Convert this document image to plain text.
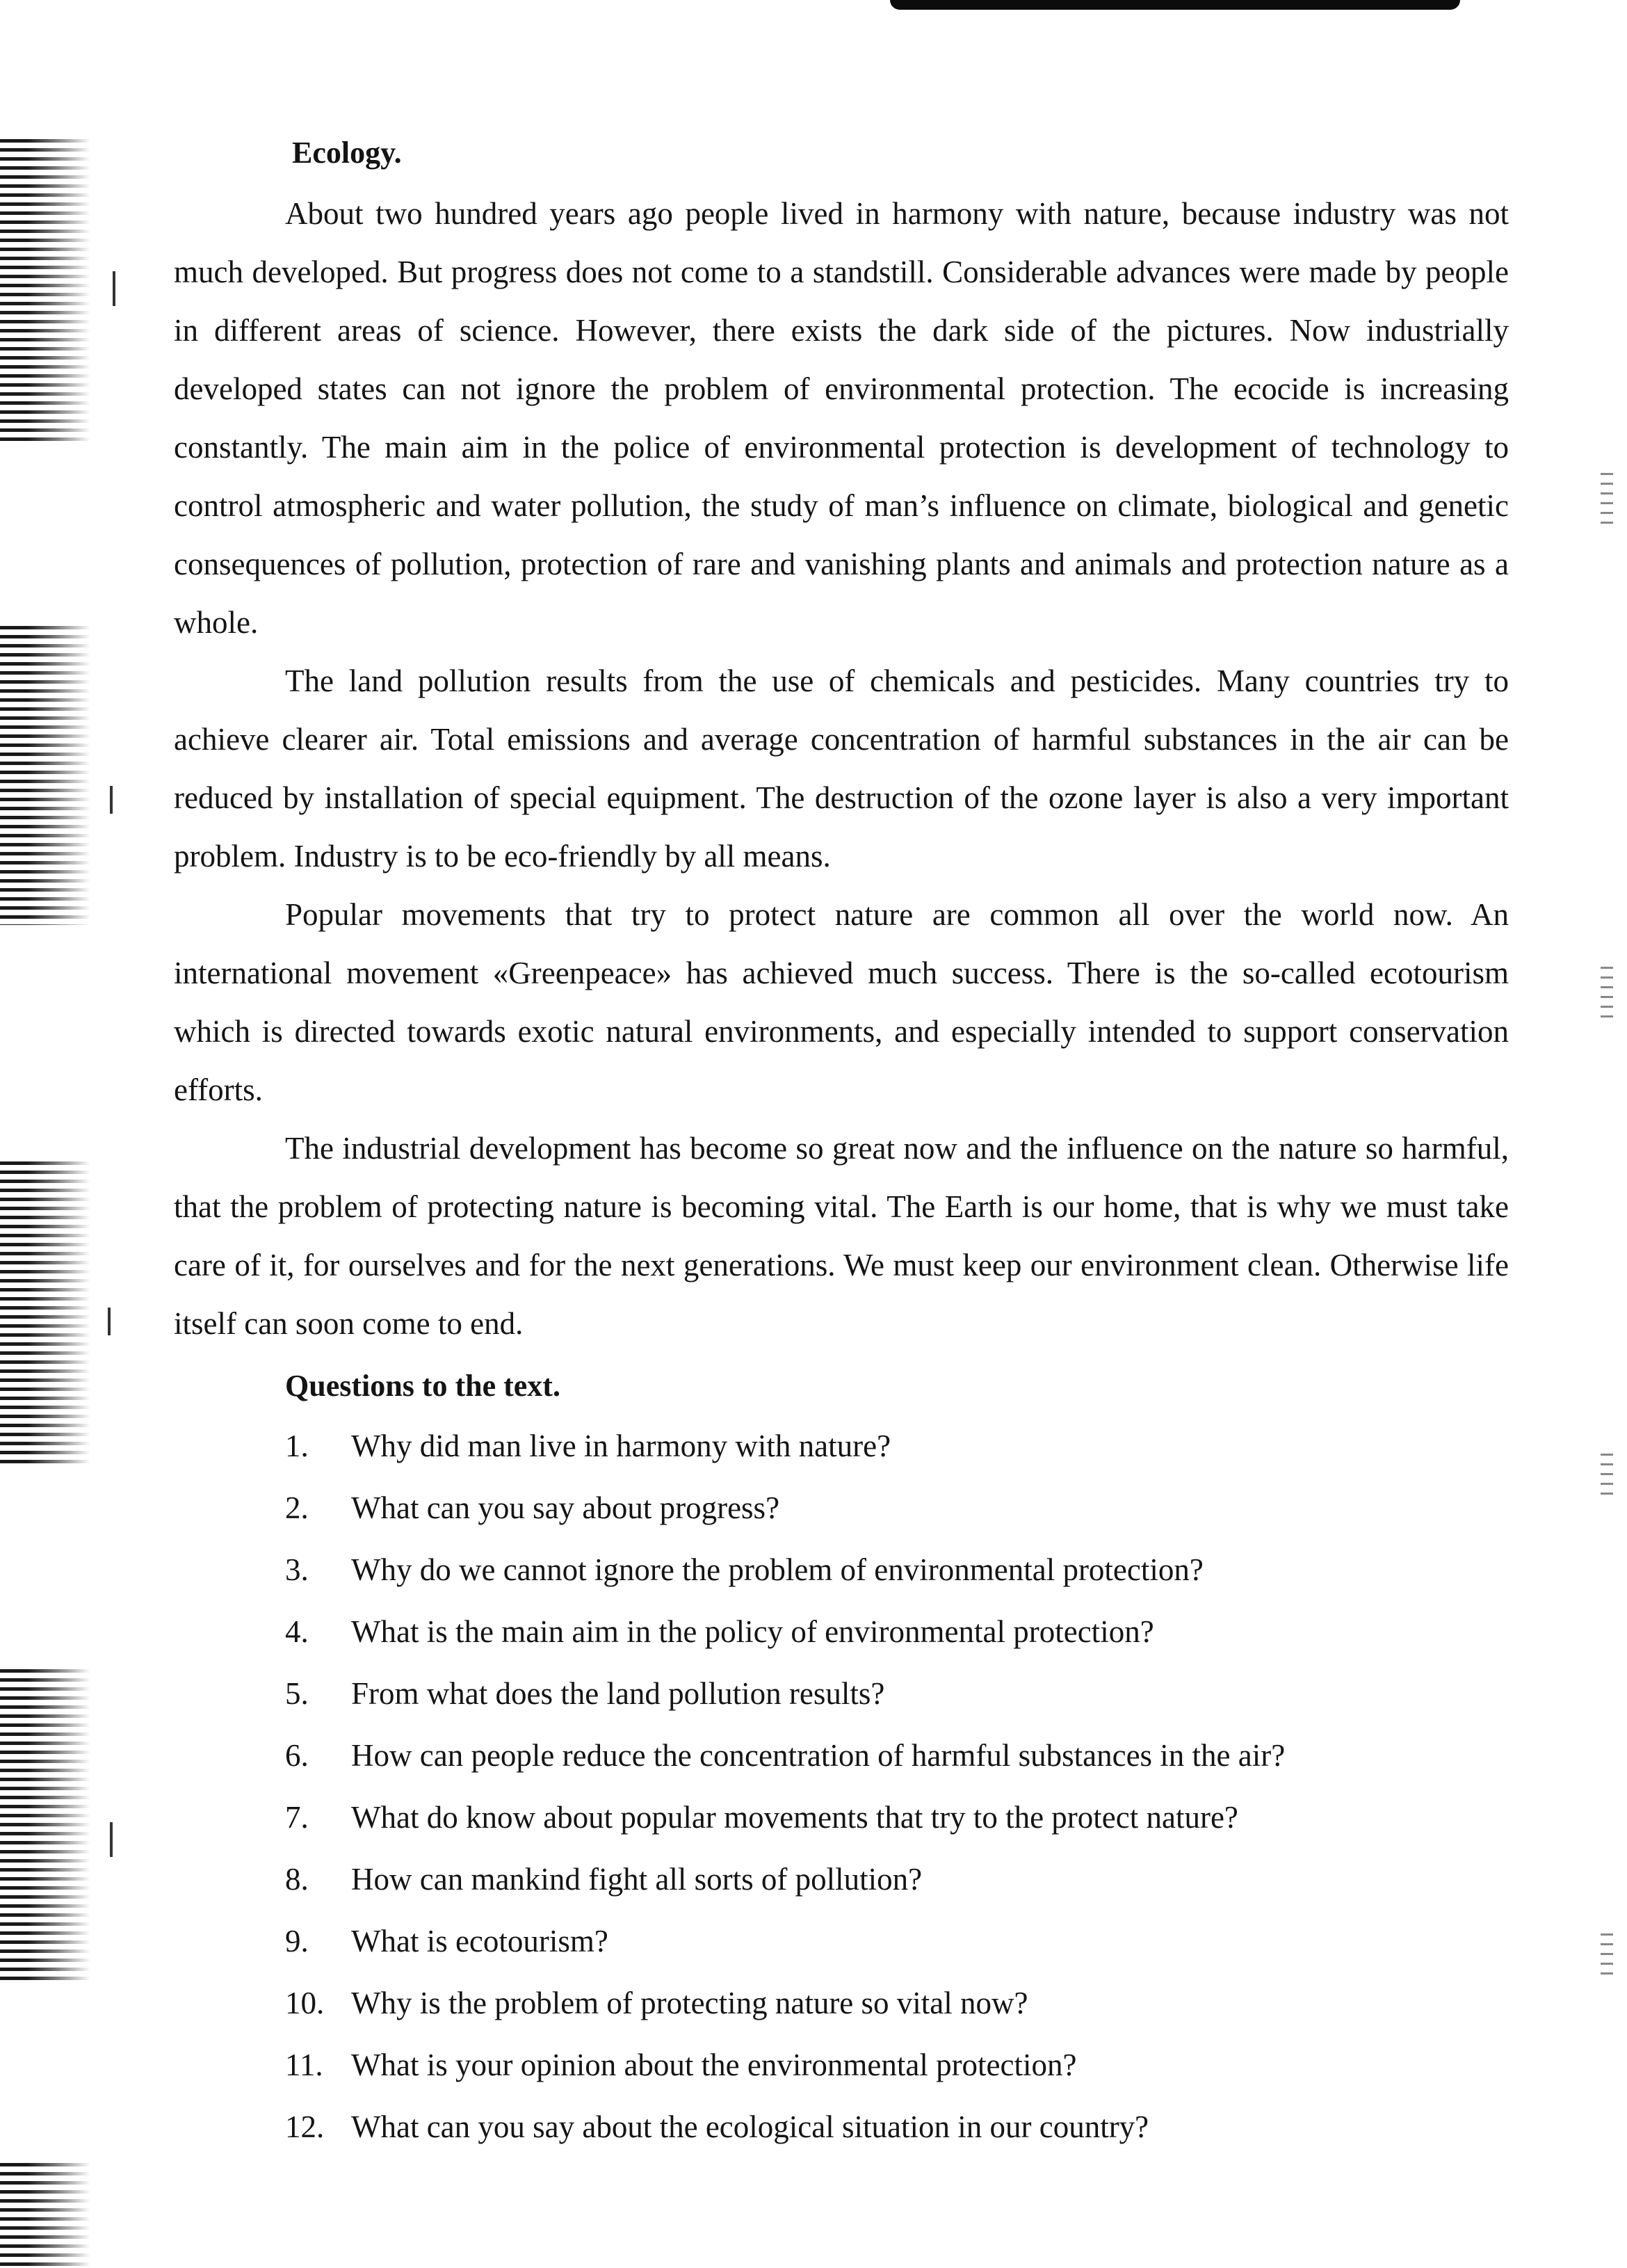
Ecology.

About two hundred years ago people lived in harmony with nature, because industry was not much developed. But progress does not come to a standstill. Considerable advances were made by people in different areas of science. However, there exists the dark side of the pictures. Now industrially developed states can not ignore the problem of environmental protection. The ecocide is increasing constantly. The main aim in the police of environmental protection is development of technology to control atmospheric and water pollution, the study of man’s influence on climate, biological and genetic consequences of pollution, protection of rare and vanishing plants and animals and protection nature as a whole.

The land pollution results from the use of chemicals and pesticides. Many countries try to achieve clearer air. Total emissions and average concentration of harmful substances in the air can be reduced by installation of special equipment. The destruction of the ozone layer is also a very important problem. Industry is to be eco-friendly by all means.

Popular movements that try to protect nature are common all over the world now. An international movement «Greenpeace» has achieved much success. There is the so-called ecotourism which is directed towards exotic natural environments, and especially intended to support conservation efforts.

The industrial development has become so great now and the influence on the nature so harmful, that the problem of protecting nature is becoming vital. The Earth is our home, that is why we must take care of it, for ourselves and for the next generations. We must keep our environment clean. Otherwise life itself can soon come to end.

Questions to the text.
1.	Why did man live in harmony with nature?
2.	What can you say about progress?
3.	Why do we cannot ignore the problem of environmental protection?
4.	What is the main aim in the policy of environmental protection?
5.	From what does the land pollution results?
6.	How can people reduce the concentration of harmful substances in the air?
7.	What do know about popular movements that try to the protect nature?
8.	How can mankind fight all sorts of pollution?
9.	What is ecotourism?
10. Why is the problem of protecting nature so vital now?
11. What is your opinion about the environmental protection?
12. What can you say about the ecological situation in our country?
